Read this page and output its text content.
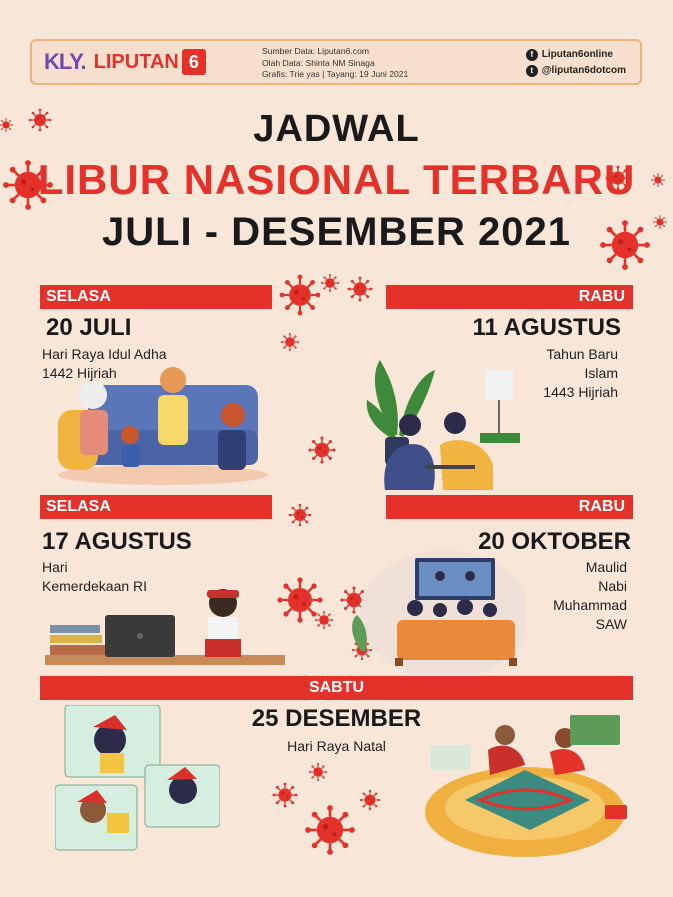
KLY. LIPUTAN 6
Sumber Data: Liputan6.com
Olah Data: Shinta NM Sinaga
Grafis: Trie yas | Tayang: 19 Juni 2021
f Liputan6online
t @liputan6dotcom
JADWAL
LIBUR NASIONAL TERBARU
JULI - DESEMBER 2021
SELASA
20 JULI
Hari Raya Idul Adha
1442 Hijriah
RABU
11 AGUSTUS
Tahun Baru
Islam
1443 Hijriah
SELASA
17 AGUSTUS
Hari
Kemerdekaan RI
RABU
20 OKTOBER
Maulid
Nabi
Muhammad
SAW
SABTU
25 DESEMBER
Hari Raya Natal
